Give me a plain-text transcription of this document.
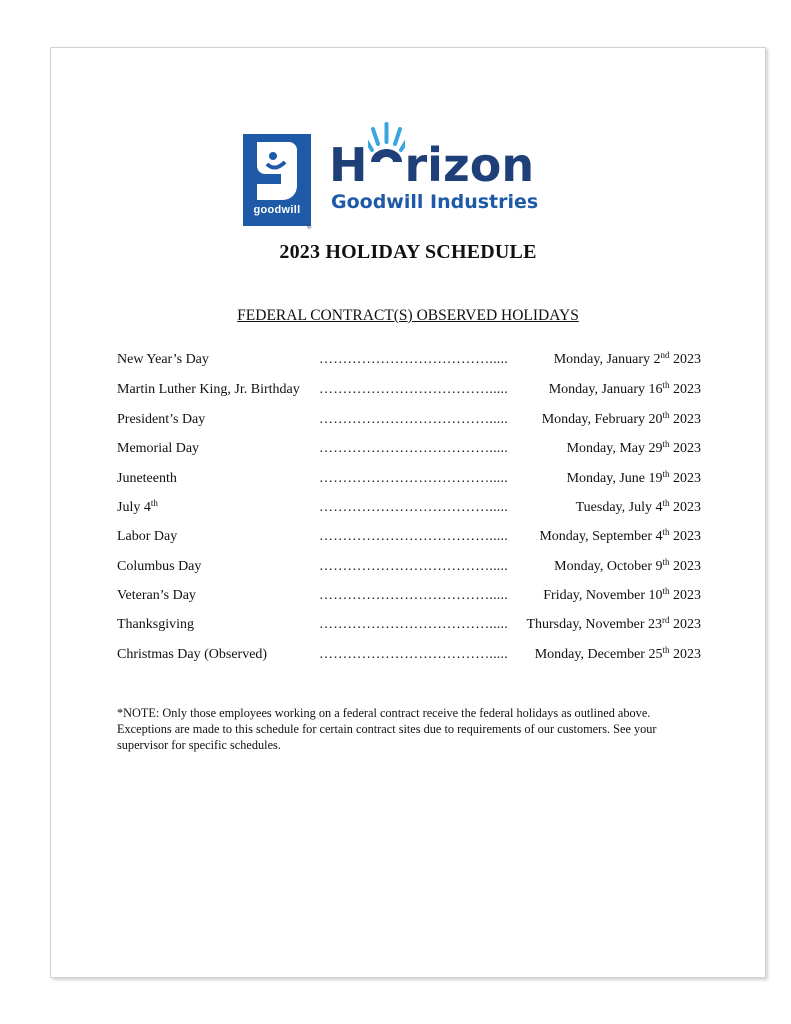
goodwill
®
H rizon
Goodwill Industries
2023 HOLIDAY SCHEDULE
FEDERAL CONTRACT(S) OBSERVED HOLIDAYS
New Year’s Day	……………………………….....	Monday, January 2nd 2023
Martin Luther King, Jr. Birthday ……………………………….....	Monday, January 16th 2023
President’s Day	………………………………..... Monday, February 20th 2023
Memorial Day	……………………………….....	Monday, May 29th 2023
Juneteenth	……………………………….....	Monday, June 19th 2023
July 4th	……………………………….....	Tuesday, July 4th 2023
Labor Day	………………………………..... Monday, September 4th 2023
Columbus Day	……………………………….....	Monday, October 9th 2023
Veteran’s Day	……………………………….....	Friday, November 10th 2023
Thanksgiving	………………………………..... Thursday, November 23rd 2023
Christmas Day (Observed)	………………………………..... Monday, December 25th 2023
*NOTE: Only those employees working on a federal contract receive the federal holidays as outlined above. Exceptions are made to this schedule for certain contract sites due to requirements of our customers. See your supervisor for specific schedules.
